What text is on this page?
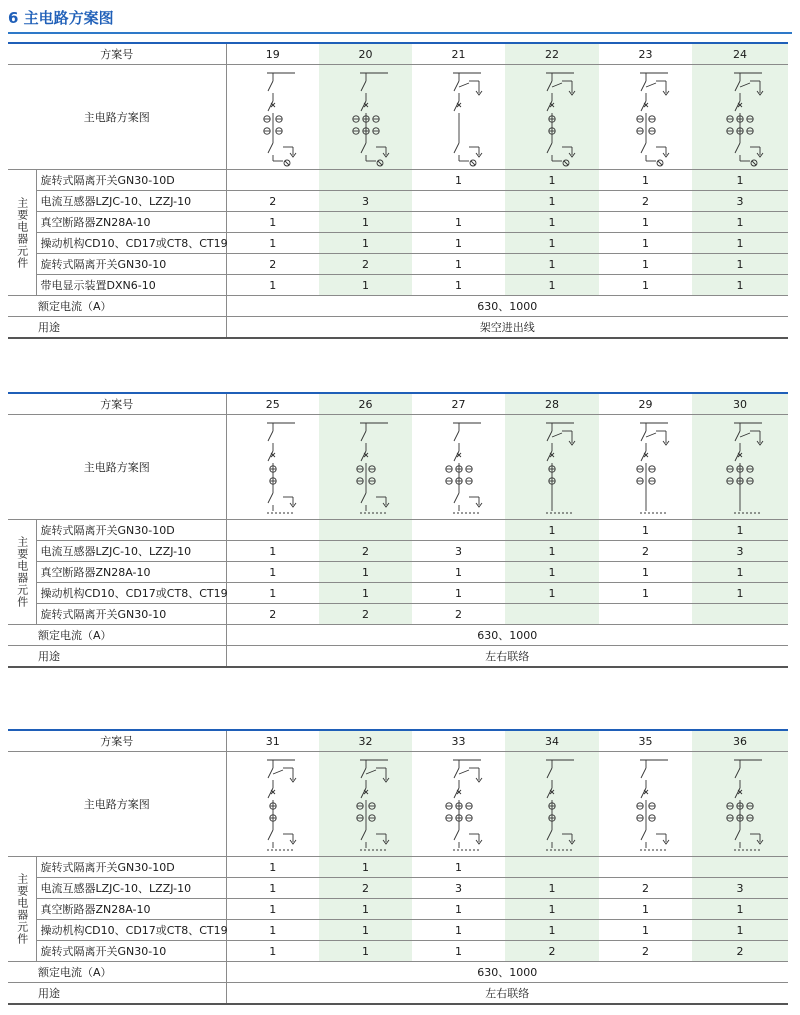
6 主电路方案图
方案号		19	20	21	22	23	24
主电路方案图	

主要电器元件	旋转式隔离开关GN30-10D			1	1	1	1
	电流互感器LZJC-10、LZZJ-10	2	3		1	2	3
	真空断路器ZN28A-10	1	1	1	1	1	1
	操动机构CD10、CD17或CT8、CT19	1	1	1	1	1	1
	旋转式隔离开关GN30-10	2	2	1	1	1	1
	带电显示装置DXN6-10	1	1	1	1	1	1
额定电流（A）		630、1000					
用途		架空进出线					
方案号		25	26	27	28	29	30
主电路方案图	

主要电器元件	旋转式隔离开关GN30-10D				1	1	1
	电流互感器LZJC-10、LZZJ-10	1	2	3	1	2	3
	真空断路器ZN28A-10	1	1	1	1	1	1
	操动机构CD10、CD17或CT8、CT19	1	1	1	1	1	1
	旋转式隔离开关GN30-10	2	2	2			
额定电流（A）		630、1000					
用途		左右联络					
方案号		31	32	33	34	35	36
主电路方案图	

主要电器元件	旋转式隔离开关GN30-10D	1	1	1			
	电流互感器LZJC-10、LZZJ-10	1	2	3	1	2	3
	真空断路器ZN28A-10	1	1	1	1	1	1
	操动机构CD10、CD17或CT8、CT19	1	1	1	1	1	1
	旋转式隔离开关GN30-10	1	1	1	2	2	2
额定电流（A）		630、1000					
用途		左右联络					
